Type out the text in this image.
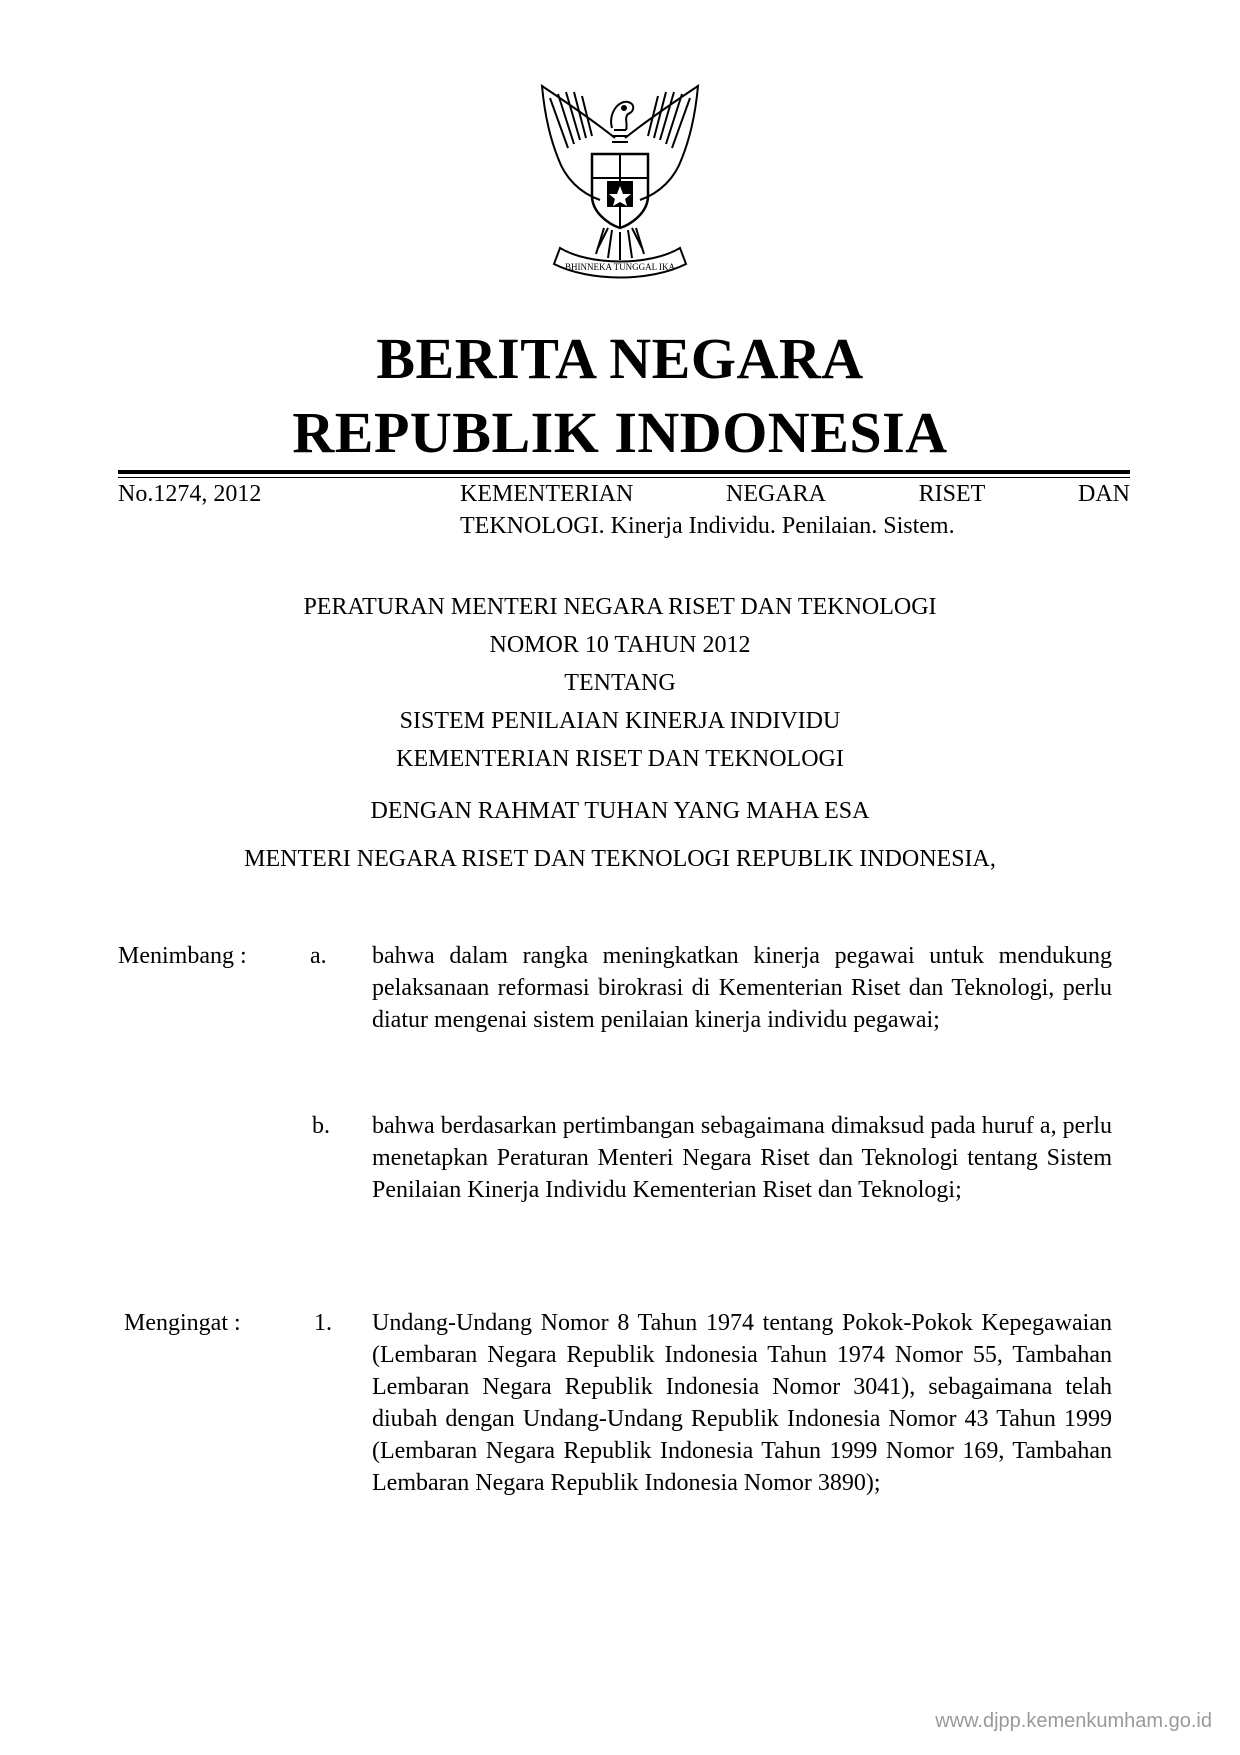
BHINNEKA TUNGGAL IKA
BERITA NEGARA
REPUBLIK INDONESIA
No.1274, 2012	KEMENTERIAN	NEGARA	RISET	DAN
TEKNOLOGI. Kinerja Individu. Penilaian. Sistem.
PERATURAN MENTERI NEGARA RISET DAN TEKNOLOGI
NOMOR 10 TAHUN 2012
TENTANG
SISTEM PENILAIAN KINERJA INDIVIDU
KEMENTERIAN RISET DAN TEKNOLOGI
DENGAN RAHMAT TUHAN YANG MAHA ESA
MENTERI NEGARA RISET DAN TEKNOLOGI REPUBLIK INDONESIA,
Menimbang :	a. bahwa dalam rangka meningkatkan kinerja pegawai untuk mendukung pelaksanaan reformasi birokrasi di Kementerian Riset dan Teknologi, perlu diatur mengenai sistem penilaian kinerja individu pegawai;
b. bahwa berdasarkan pertimbangan sebagaimana dimaksud pada huruf a, perlu menetapkan Peraturan Menteri Negara Riset dan Teknologi tentang Sistem Penilaian Kinerja Individu Kementerian Riset dan Teknologi;
Mengingat :	1. Undang-Undang Nomor 8 Tahun 1974 tentang Pokok-Pokok Kepegawaian (Lembaran Negara Republik Indonesia Tahun 1974 Nomor 55, Tambahan Lembaran Negara Republik Indonesia Nomor 3041), sebagaimana telah diubah dengan Undang-Undang Republik Indonesia Nomor 43 Tahun 1999 (Lembaran Negara Republik Indonesia Tahun 1999 Nomor 169, Tambahan Lembaran Negara Republik Indonesia Nomor 3890);
www.djpp.kemenkumham.go.id
